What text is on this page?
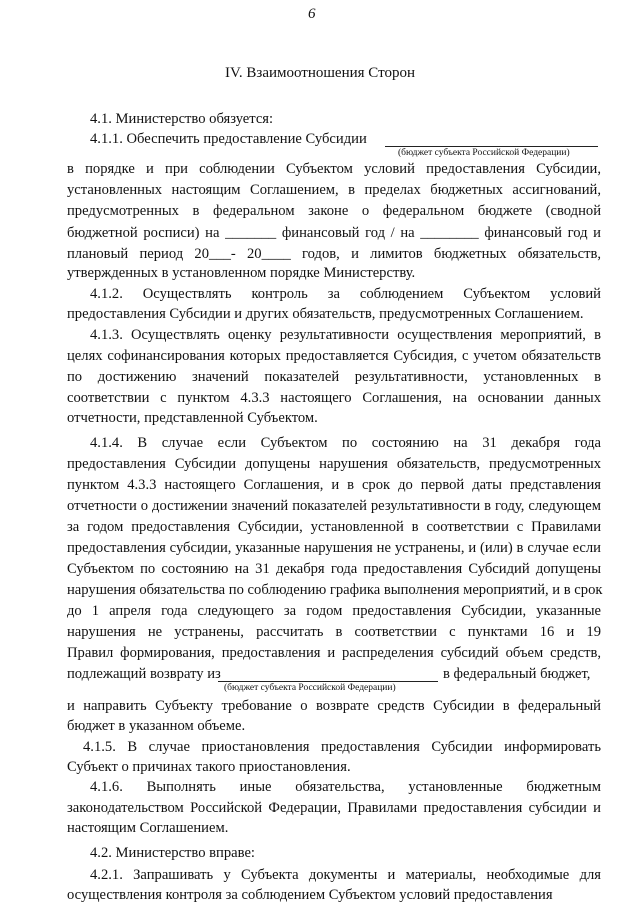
6
IV. Взаимоотношения Сторон
4.1. Министерство обязуется:
4.1.1. Обеспечить предоставление Субсидии
(бюджет субъекта Российской Федерации)
в порядке и при соблюдении Субъектом условий предоставления Субсидии,
установленных настоящим Соглашением, в пределах бюджетных ассигнований,
предусмотренных в федеральном законе о федеральном бюджете (сводной
бюджетной росписи) на _______ финансовый год / на ________ финансовый год и
плановый период 20___- 20____ годов, и лимитов бюджетных обязательств,
утвержденных в установленном порядке Министерству.
4.1.2. Осуществлять контроль за соблюдением Субъектом условий
предоставления Субсидии и других обязательств, предусмотренных Соглашением.
4.1.3. Осуществлять оценку результативности осуществления мероприятий, в
целях софинансирования которых предоставляется Субсидия, с учетом обязательств
по достижению значений показателей результативности, установленных в
соответствии с пунктом 4.3.3 настоящего Соглашения, на основании данных
отчетности, представленной Субъектом.
4.1.4. В случае если Субъектом по состоянию на 31 декабря года
предоставления Субсидии допущены нарушения обязательств, предусмотренных
пунктом 4.3.3 настоящего Соглашения, и в срок до первой даты представления
отчетности о достижении значений показателей результативности в году, следующем
за годом предоставления Субсидии, установленной в соответствии с Правилами
предоставления субсидии, указанные нарушения не устранены, и (или) в случае если
Субъектом по состоянию на 31 декабря года предоставления Субсидий допущены
нарушения обязательства по соблюдению графика выполнения мероприятий, и в срок
до 1 апреля года следующего за годом предоставления Субсидии, указанные
нарушения не устранены, рассчитать в соответствии с пунктами 16 и 19
Правил формирования, предоставления и распределения субсидий объем средств,
подлежащий возврату из	в федеральный бюджет,
(бюджет субъекта Российской Федерации)
и направить Субъекту требование о возврате средств Субсидии в федеральный
бюджет в указанном объеме.
4.1.5. В случае приостановления предоставления Субсидии информировать
Субъект о причинах такого приостановления.
4.1.6. Выполнять иные обязательства, установленные бюджетным
законодательством Российской Федерации, Правилами предоставления субсидии и
настоящим Соглашением.
4.2. Министерство вправе:
4.2.1. Запрашивать у Субъекта документы и материалы, необходимые для
осуществления контроля за соблюдением Субъектом условий предоставления
